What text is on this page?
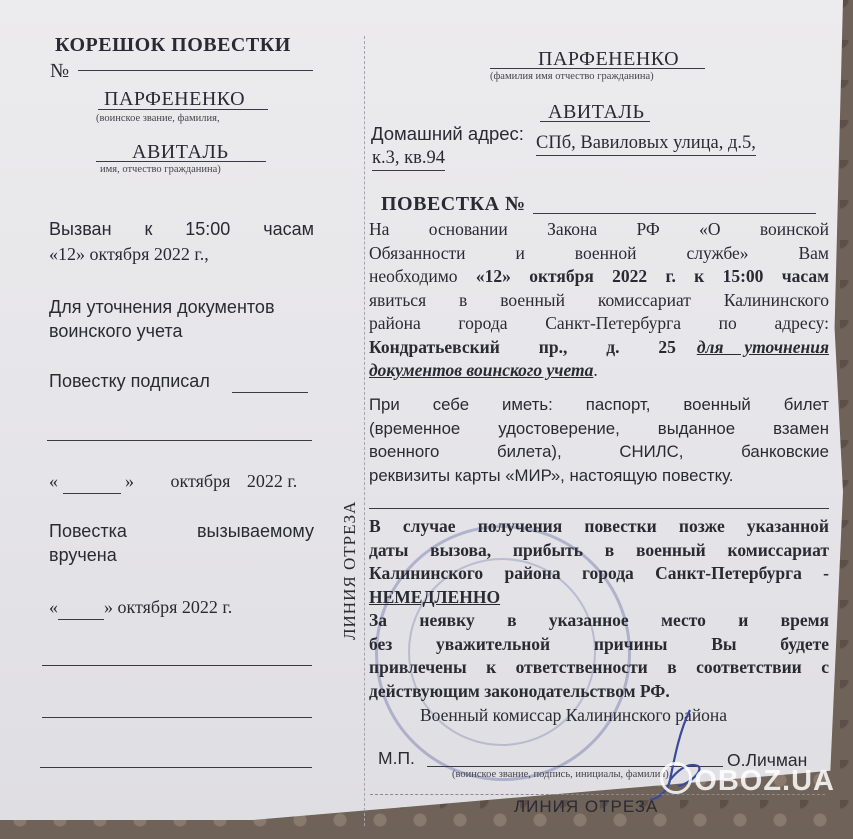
КОРЕШОК ПОВЕСТКИ
№
ПАРФЕНЕНКО
(воинское звание, фамилия,
АВИТАЛЬ
имя, отчество гражданина)
Вызван к 15:00 часам
«12» октября 2022 г.,
Для уточнения документов
воинского учета
Повестку подписал
«	» октября 2022 г.
Повестка	вызываемому
вручена
«	» октября 2022 г.	ЛИНИЯ ОТРЕЗА
ПАРФЕНЕНКО
(фамилия имя отчество гражданина)
АВИТАЛЬ
Домашний адрес: СПб, Вавиловых улица, д.5,
к.3, кв.94
ПОВЕСТКА №
На основании Закона РФ «О воинской
Обязанности и военной службе» Вам
необходимо «12» октября 2022 г. к 15:00 часам
явиться в военный комиссариат Калининского
района города Санкт-Петербурга по адресу:
Кондратьевский пр., д. 25 для уточнения
документов воинского учета.
При себе иметь: паспорт, военный билет
(временное удостоверение, выданное взамен
военного билета), СНИЛС, банковские
реквизиты карты «МИР», настоящую повестку.
В случае получения повестки позже указанной
даты вызова, прибыть в военный комиссариат
Калининского района города Санкт-Петербурга -
НЕМЕДЛЕННО
За неявку в указанное место и время
без уважительной причины Вы будете
привлечены к ответственности в соответствии с
действующим законодательством РФ.
Военный комиссар Калининского района
М.П.	О.Личман
(воинское звание, подпись, инициалы, фамилия)
ЛИНИЯ ОТРЕЗА
OBOZ.UA
